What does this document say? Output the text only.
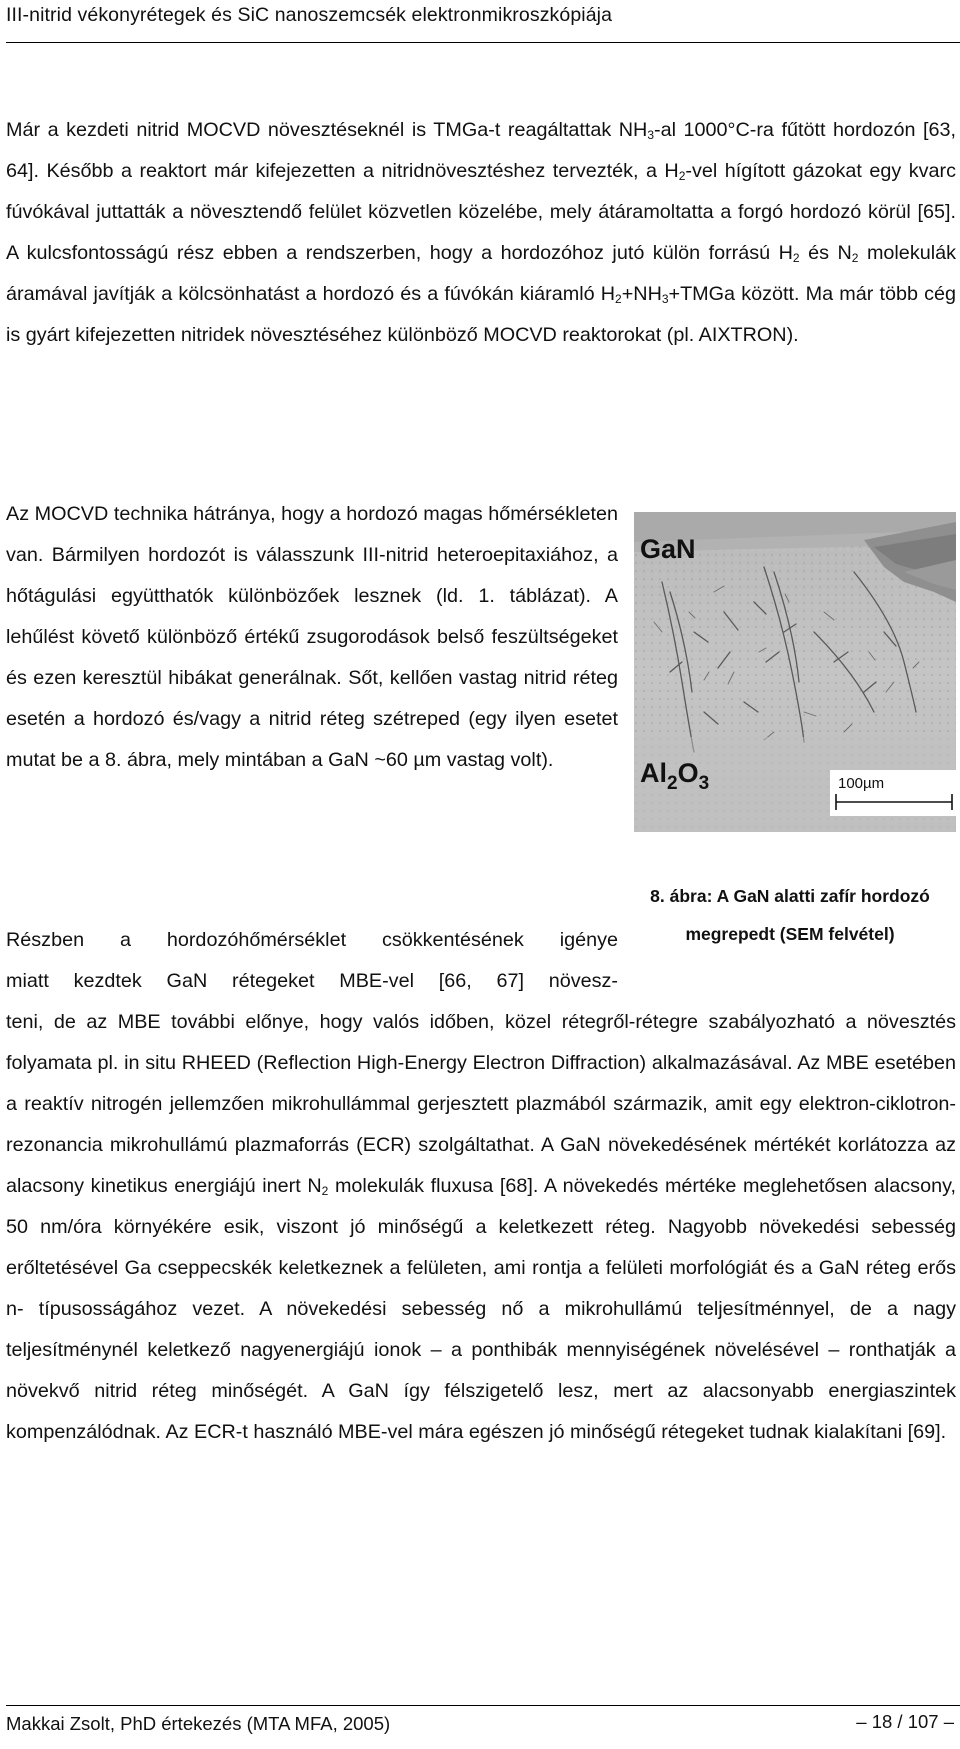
III-nitrid vékonyrétegek és SiC nanoszemcsék elektronmikroszkópiája

Már a kezdeti nitrid MOCVD növesztéseknél is TMGa-t reagáltattak $NH_3-al$ 1000°C-ra fűtött hordozón [63, 64]. Később a reaktort már kifejezetten a nitridnövesztéshez tervezték, a $H_2$-vel hígított gázokat egy kvarc fúvókával juttatták a növesztendő felület közvetlen közelébe, mely átáramoltatta a forgó hordozó körül [65]. A kulcsfontosságú rész ebben a rendszerben, hogy a hordozóhoz jutó külön forrású $H_2$ és $N_2$ molekulák áramával javítják a kölcsönhatást a hordozó és a fúvókán kiáramló $H_2+NH_3+TMGa$ között. Ma már több cég is gyárt kifejezetten nitridek növesztéséhez különböző MOCVD reaktorokat (pl. AIXTRON).

Az MOCVD technika hátránya, hogy a hordozó magas hőmérsékleten van. Bármilyen hordozót is válasszunk III-nitrid heteroepitaxiához, a hőtágulási együtthatók különbözőek lesznek (ld. 1. táblázat). A lehűlést követő különböző értékű zsugorodások belső feszültségeket és ezen keresztül hibákat generálnak. Sőt, kellően vastag nitrid réteg esetén a hordozó és/vagy a nitrid réteg szétreped (egy ilyen esetet mutat be a 8. ábra, mely mintában a GaN ~60 µm vastag volt).

GaN
$Al_2O_3$	100µm
8. ábra: A GaN alatti zafír hordozó megrepedt (SEM felvétel)
Részben a hordozóhőmérséklet csökkentésének igénye
miatt kezdtek GaN rétegeket MBE-vel [66, 67] növesz-
teni, de az MBE további előnye, hogy valós időben, közel rétegről-rétegre szabályozható a növesztés folyamata pl. in situ RHEED (Reflection High-Energy Electron Diffraction) alkalmazásával. Az MBE esetében a reaktív nitrogén jellemzően mikrohullámmal gerjesztett plazmából származik, amit egy elektron-ciklotron-rezonancia mikrohullámú plazmaforrás (ECR) szolgáltathat. A GaN növekedésének mértékét korlátozza az alacsony kinetikus energiájú inert $N_2$ molekulák fluxusa [68]. A növekedés mértéke meglehetősen alacsony, 50 nm/óra környékére esik, viszont jó minőségű a keletkezett réteg. Nagyobb növekedési sebesség erőltetésével Ga cseppecskék keletkeznek a felületen, ami rontja a felületi morfológiát és a GaN réteg erős n- típusosságához vezet. A növekedési sebesség nő a mikrohullámú teljesítménnyel, de a nagy teljesítménynél keletkező nagyenergiájú ionok – a ponthibák mennyiségének növelésével – ronthatják a növekvő nitrid réteg minőségét. A GaN így félszigetelő lesz, mert az alacsonyabb energiaszintek kompenzálódnak. Az ECR-t használó MBE-vel mára egészen jó minőségű rétegeket tudnak kialakítani [69].
Makkai Zsolt, PhD értekezés (MTA MFA, 2005)	– 18 / 107 –
